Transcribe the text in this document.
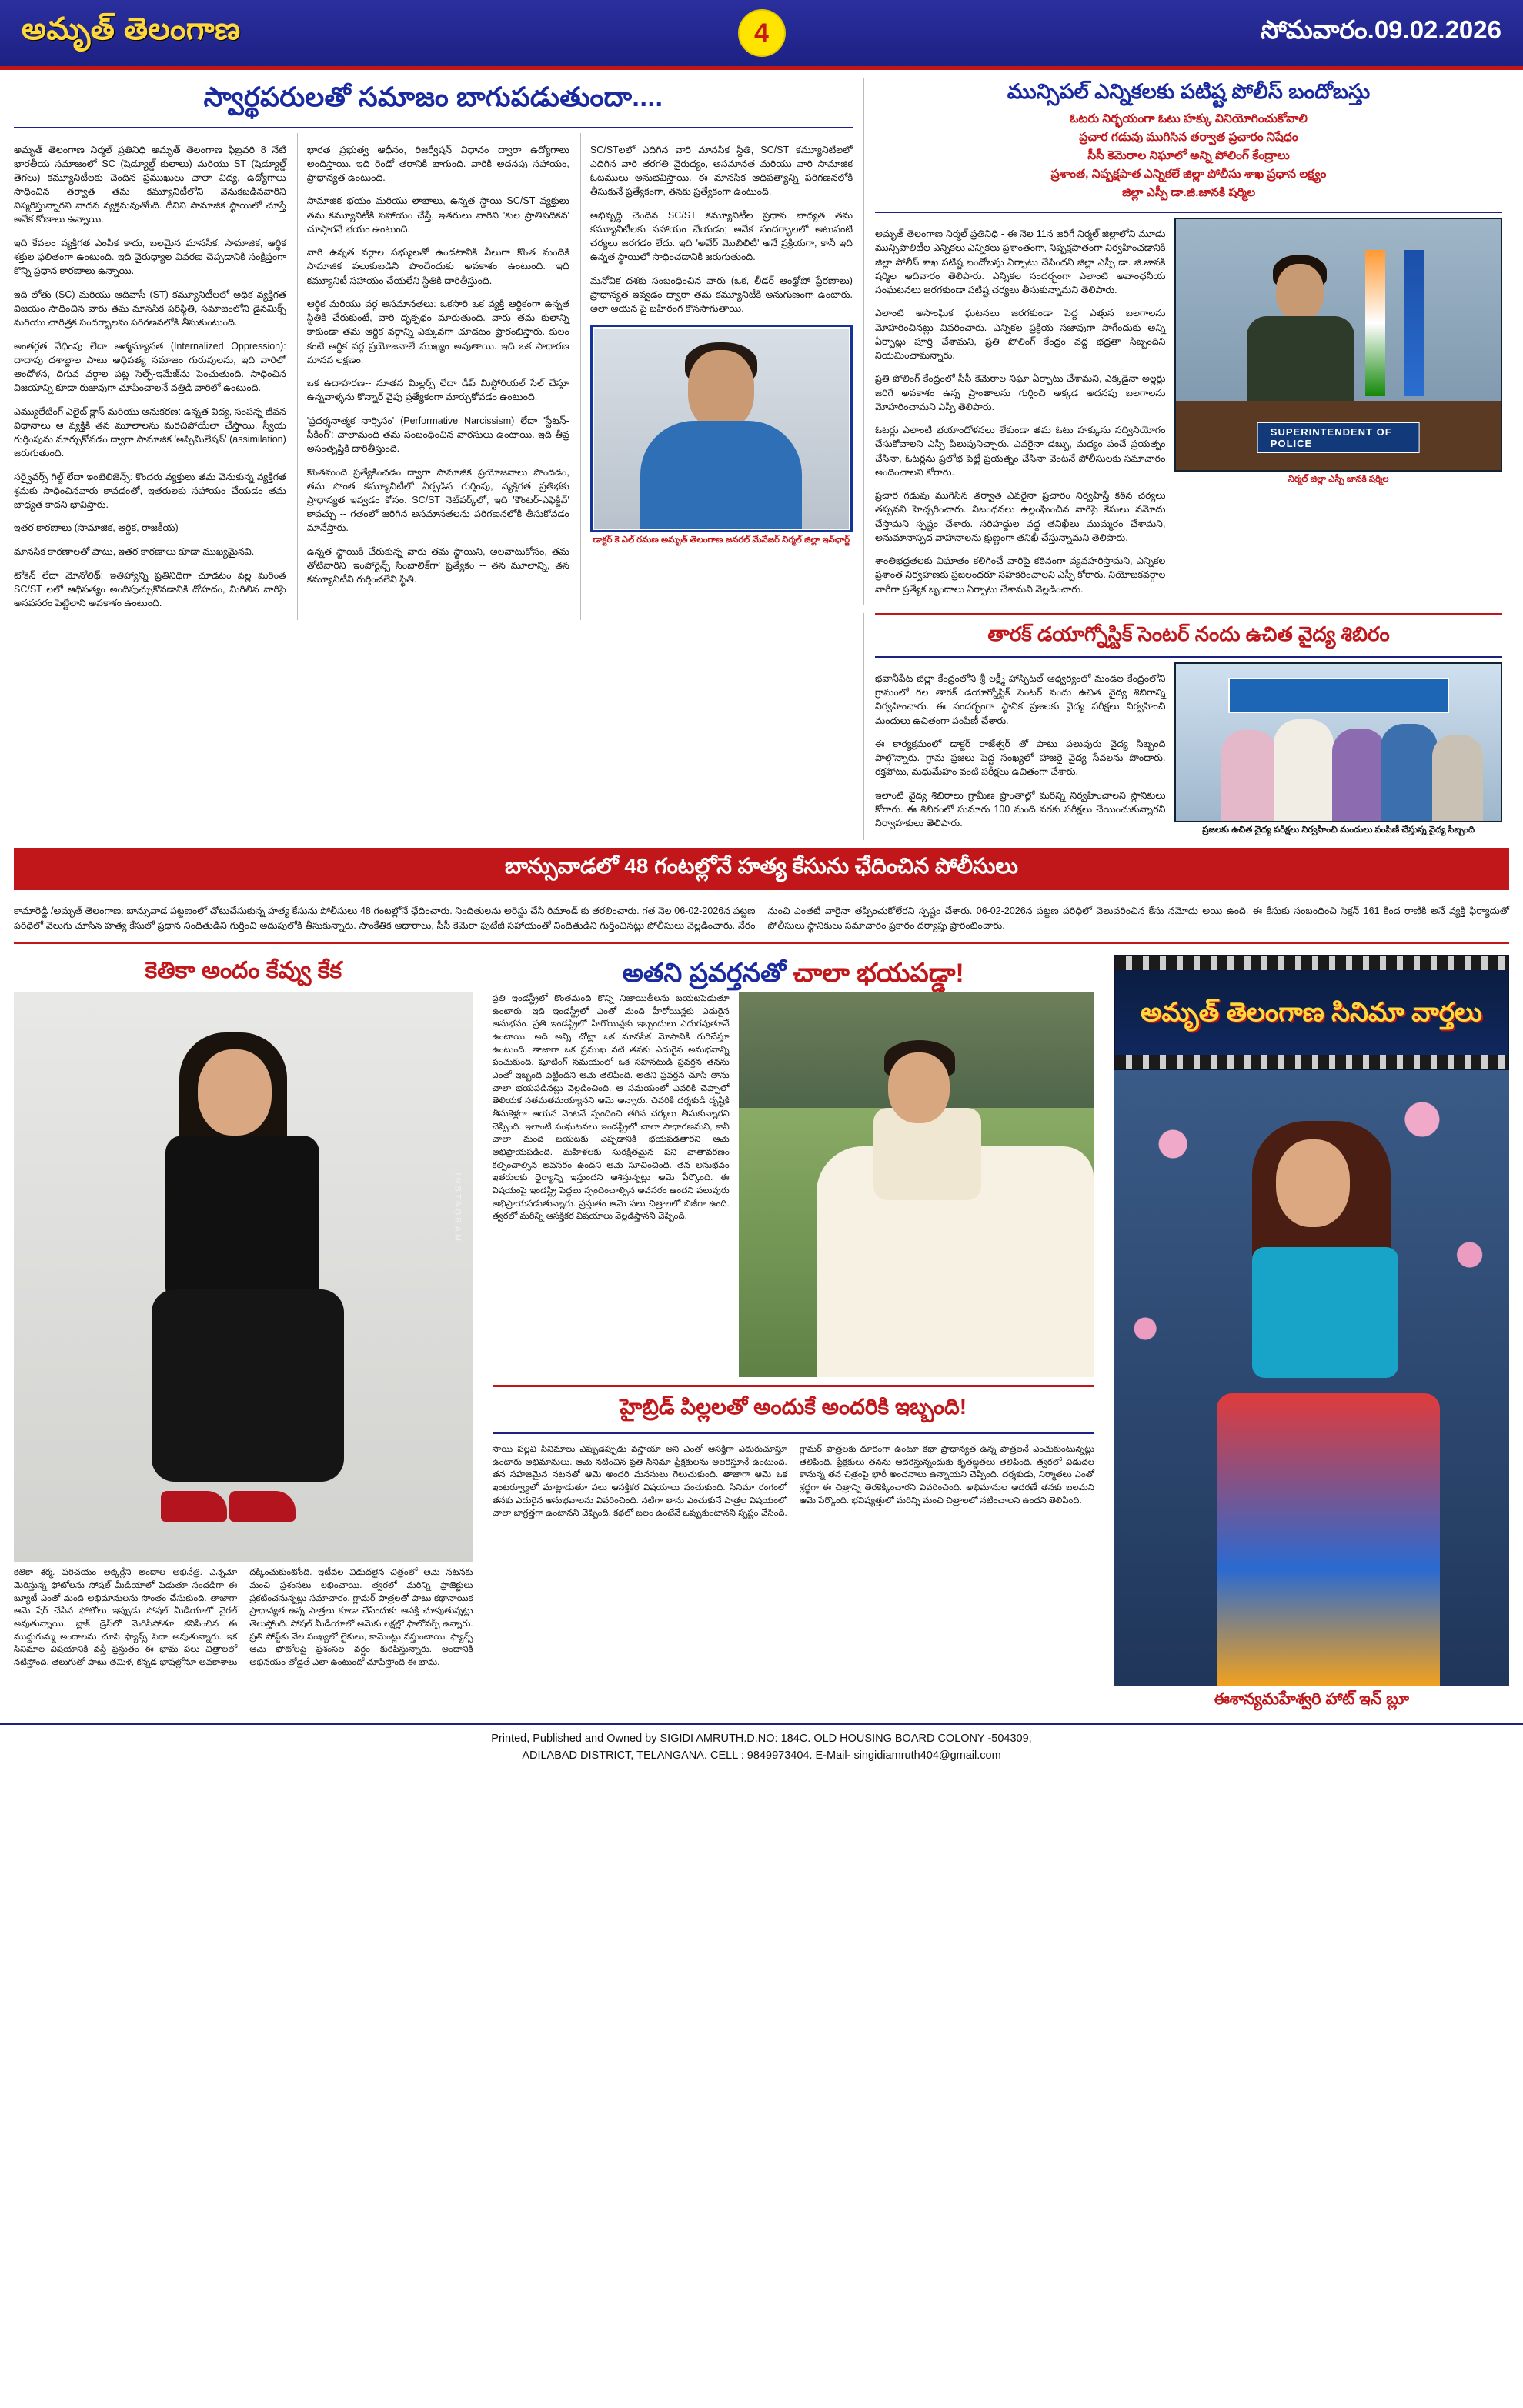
అమృత్ తెలంగాణ	4	సోమవారం.09.02.2026
స్వార్థపరులతో సమాజం బాగుపడుతుందా....

అమృత్ తెలంగాణ నిర్మల్ ప్రతినిధి అమృత్ తెలంగాణ ఫిబ్రవరి 8 నేటి భారతీయ సమాజంలో SC (షెడ్యూల్డ్ కులాలు) మరియు ST (షెడ్యూల్డ్ తెగలు) కమ్యూనిటీలకు చెందిన ప్రముఖులు చాలా విద్య, ఉద్యోగాలు సాధించిన తర్వాత తమ కమ్యూనిటీలోని వెనుకబడినవారిని విస్మరిస్తున్నారని వాదన వ్యక్తమవుతోంది. దీనిని సామాజిక స్థాయిలో చూస్తే అనేక కోణాలు ఉన్నాయి.

ఇది కేవలం వ్యక్తిగత ఎంపిక కాదు, బలమైన మానసిక, సామాజిక, ఆర్థిక శక్తుల ఫలితంగా ఉంటుంది. ఇది వైరుధ్యాల వివరణ చెప్పడానికి సంక్షిప్తంగా కొన్ని ప్రధాన కారణాలు ఉన్నాయి.

ఇది లోతు (SC) మరియు ఆదివాసీ (ST) కమ్యూనిటీలలో అధిక వ్యక్తిగత విజయం సాధించిన వారు తమ మానసిక పరిస్థితి, సమాజంలోని డైనమిక్స్ మరియు చారిత్రక సందర్భాలను పరిగణనలోకి తీసుకుంటుంది.

అంతర్గత వేధింపు లేదా ఆత్మన్యూనత (Internalized Oppression): దాదాపు దశాబ్దాల పాటు ఆధిపత్య సమాజం గురువులను, ఇది వారిలో ఆందోళన, దిగువ వర్గాల పట్ల సెల్ఫ్-ఇమేజ్‌ను పెంచుతుంది. సాధించిన విజయాన్ని కూడా రుజువుగా చూపించాలనే వత్తిడి వారిలో ఉంటుంది.

ఎమ్యులేటింగ్ ఎలైట్ క్లాస్ మరియు అనుకరణ: ఉన్నత విద్య, సంపన్న జీవన విధానాలు ఆ వ్యక్తికి తన మూలాలను మరచిపోయేలా చేస్తాయి. స్వీయ గుర్తింపును మార్చుకోవడం ద్వారా సామాజిక 'అస్సిమిలేషన్‌' (assimilation) జరుగుతుంది.

సర్వైవర్స్ గిల్ట్ లేదా ఇంటెలిజెన్స్: కొందరు వ్యక్తులు తమ వెనుకున్న వ్యక్తిగత శ్రమకు సాధించినవారు కావడంతో, ఇతరులకు సహాయం చేయడం తమ బాధ్యత కాదని భావిస్తారు.

ఇతర కారణాలు (సామాజిక, ఆర్థిక, రాజకీయ)

మానసిక కారణాలతో పాటు, ఇతర కారణాలు కూడా ముఖ్యమైనవి.

టోకెన్ లేదా మోనోలిథ్: ఇతిహ్యాన్ని ప్రతినిధిగా చూడటం వల్ల మరింత SC/ST లలో ఆధిపత్యం అందిపుచ్చుకొనడానికి దోహదం, మిగిలిన వారిపై అనవసరం పెట్టేలాని అవకాశం ఉంటుంది.

భారత ప్రభుత్వ ఆధీనం, రిజర్వేషన్ విధానం ద్వారా ఉద్యోగాలు అందిస్తాయి. ఇది రెండో తరానికి బాగుంది. వారికి అదనపు సహాయం, ప్రాధాన్యత ఉంటుంది.

సామాజిక భయం మరియు లాభాలు, ఉన్నత స్థాయి SC/ST వ్యక్తులు తమ కమ్యూనిటీకి సహాయం చేస్తే, ఇతరులు వారిని 'కుల ప్రాతిపదికన' చూస్తారనే భయం ఉంటుంది.

వారి ఉన్నత వర్గాల సభ్యులతో ఉండటానికి వీలుగా కొంత మందికి సామాజిక పలుకుబడిని పొందేందుకు అవకాశం ఉంటుంది. ఇది కమ్యూనిటీ సహాయం చేయలేని స్థితికి దారితీస్తుంది.

ఆర్థిక మరియు వర్గ అసమానతలు: ఒకసారి ఒక వ్యక్తి ఆర్థికంగా ఉన్నత స్థితికి చేరుకుంటే, వారి దృక్పథం మారుతుంది. వారు తమ కులాన్ని కాకుండా తమ ఆర్థిక వర్గాన్ని ఎక్కువగా చూడటం ప్రారంభిస్తారు. కులం కంటే ఆర్థిక వర్గ ప్రయోజనాలే ముఖ్యం అవుతాయి. ఇది ఒక సాధారణ మానవ లక్షణం.

ఒక ఉదాహరణ-- నూతన మిల్లర్స్ లేదా డీప్ మిస్టోరియల్ సేల్ చేస్తూ ఉన్నవాళ్ళను కొన్నార్ వైపు ప్రత్యేకంగా మార్చుకోవడం ఉంటుంది.

'ప్రదర్శనాత్మక నార్సిసం' (Performative Narcissism) లేదా 'స్టేటస్-సీకింగ్': చాలామంది తమ సంబంధించిన వారసులు ఉంటాయి. ఇది తీవ్ర అసంతృప్తికి దారితీస్తుంది.

కొంతమంది ప్రత్యేకించడం ద్వారా సామాజిక ప్రయోజనాలు పొందడం, తమ సొంత కమ్యూనిటీలో ఏర్పడిన గుర్తింపు, వ్యక్తిగత ప్రతిభకు ప్రాధాన్యత ఇవ్వడం కోసం. SC/ST నెట్‌వర్క్‌లో, ఇది 'కౌంటర్-ఎఫెక్టివ్‌' కావచ్చు -- గతంలో జరిగిన అసమానతలను పరిగణనలోకి తీసుకోవడం మానేస్తారు.

ఉన్నత స్థాయికి చేరుకున్న వారు తమ స్థాయిని, అలవాటుకోసం, తమ తోటివారిని 'ఇంపోర్టెన్స్ సింబాలిక్‌గా' ప్రత్యేకం -- తన మూలాన్ని, తన కమ్యూనిటీని గుర్తించలేని స్థితి.

SC/STలలో ఎదిగిన వారి మానసిక స్థితి, SC/ST కమ్యూనిటీలలో ఎదిగిన వారి తరగతి వైరుధ్యం, అసమానత మరియు వారి సామాజిక ఓటములు అనుభవిస్తాయి. ఈ మానసిక ఆధిపత్యాన్ని పరిగణనలోకి తీసుకునే ప్రత్యేకంగా, తనకు ప్రత్యేకంగా ఉంటుంది.

అభివృద్ధి చెందిన SC/ST కమ్యూనిటీల ప్రధాన బాధ్యత తమ కమ్యూనిటీలకు సహాయం చేయడం; అనేక సందర్భాలలో అటువంటి చర్యలు జరగడం లేదు. ఇది 'అవేర్ మొబిలిటీ' అనే ప్రక్రియగా, కానీ ఇది ఉన్నత స్థాయిలో సాధించడానికి జరుగుతుంది.

మనోవిక దశకు సంబంధించిన వారు (ఒక, లీడర్ ఆంథ్రోపో ప్రేరణాలు) ప్రాధాన్యత ఇవ్వడం ద్వారా తమ కమ్యూనిటీకి అనుగుణంగా ఉంటారు. అలా ఆయన పై బహిరంగ కొనసాగుతాయి.

డాక్టర్ కె ఎల్ రమణ అమృత్ తెలంగాణ జనరల్ మేనేజర్ నిర్మల్ జిల్లా ఇన్‌ఛార్జ్
మున్సిపల్ ఎన్నికలకు పటిష్ట పోలీస్ బందోబస్తు
ఓటరు నిర్భయంగా ఓటు హక్కు వినియోగించుకోవాలి
ప్రచార గడువు ముగిసిన తర్వాత ప్రచారం నిషేధం
సీసీ కెమెరాల నిఘాలో అన్ని పోలింగ్ కేంద్రాలు
ప్రశాంత, నిష్పక్షపాత ఎన్నికలే జిల్లా పోలీసు శాఖ ప్రధాన లక్ష్యం
జిల్లా ఎస్పీ డా.జి.జానకి షర్మిల

అమృత్ తెలంగాణ నిర్మల్ ప్రతినిధి - ఈ నెల 11న జరిగే నిర్మల్ జిల్లాలోని మూడు మున్సిపాలిటీల ఎన్నికలు ఎన్నికలు ప్రశాంతంగా, నిష్పక్షపాతంగా నిర్వహించడానికి జిల్లా పోలీస్ శాఖ పటిష్ట బందోబస్తు ఏర్పాటు చేసిందని జిల్లా ఎస్పీ డా. జి.జానకి షర్మిల ఆదివారం తెలిపారు. ఎన్నికల సందర్భంగా ఎలాంటి అవాంఛనీయ సంఘటనలు జరగకుండా పటిష్ట చర్యలు తీసుకున్నామని తెలిపారు.

ఎలాంటి అసాంఘిక ఘటనలు జరగకుండా పెద్ద ఎత్తున బలగాలను మోహరించినట్లు వివరించారు. ఎన్నికల ప్రక్రియ సజావుగా సాగేందుకు అన్ని ఏర్పాట్లు పూర్తి చేశామని, ప్రతి పోలింగ్ కేంద్రం వద్ద భద్రతా సిబ్బందిని నియమించామన్నారు.

ప్రతి పోలింగ్ కేంద్రంలో సీసీ కెమెరాల నిఘా ఏర్పాటు చేశామని, ఎక్కడైనా అల్లర్లు జరిగే అవకాశం ఉన్న ప్రాంతాలను గుర్తించి అక్కడ అదనపు బలగాలను మోహరించామని ఎస్పీ తెలిపారు.

ఓటర్లు ఎలాంటి భయాందోళనలు లేకుండా తమ ఓటు హక్కును సద్వినియోగం చేసుకోవాలని ఎస్పీ పిలుపునిచ్చారు. ఎవరైనా డబ్బు, మద్యం పంచే ప్రయత్నం చేసినా, ఓటర్లను ప్రలోభ పెట్టే ప్రయత్నం చేసినా వెంటనే పోలీసులకు సమాచారం అందించాలని కోరారు.

ప్రచార గడువు ముగిసిన తర్వాత ఎవరైనా ప్రచారం నిర్వహిస్తే కఠిన చర్యలు తప్పవని హెచ్చరించారు. నిబంధనలు ఉల్లంఘించిన వారిపై కేసులు నమోదు చేస్తామని స్పష్టం చేశారు. సరిహద్దుల వద్ద తనిఖీలు ముమ్మరం చేశామని, అనుమానాస్పద వాహనాలను క్షుణ్ణంగా తనిఖీ చేస్తున్నామని తెలిపారు.

శాంతిభద్రతలకు విఘాతం కలిగించే వారిపై కఠినంగా వ్యవహరిస్తామని, ఎన్నికల ప్రశాంత నిర్వహణకు ప్రజలందరూ సహకరించాలని ఎస్పీ కోరారు. నియోజకవర్గాల వారీగా ప్రత్యేక బృందాలు ఏర్పాటు చేశామని వెల్లడించారు.

SUPERINTENDENT OF POLICE
నిర్మల్ జిల్లా ఎస్పీ జానకి షర్మిల
తారక్ డయాగ్నోస్టిక్ సెంటర్ నందు ఉచిత వైద్య శిబిరం

భవానీపేట జిల్లా కేంద్రంలోని శ్రీ లక్ష్మీ హాస్పిటల్ ఆధ్వర్యంలో మండల కేంద్రంలోని గ్రామంలో గల తారక్ డయాగ్నోస్టిక్ సెంటర్ నందు ఉచిత వైద్య శిబిరాన్ని నిర్వహించారు. ఈ సందర్భంగా స్థానిక ప్రజలకు వైద్య పరీక్షలు నిర్వహించి మందులు ఉచితంగా పంపిణీ చేశారు.

ఈ కార్యక్రమంలో డాక్టర్ రాజేశ్వర్ తో పాటు పలువురు వైద్య సిబ్బంది పాల్గొన్నారు. గ్రామ ప్రజలు పెద్ద సంఖ్యలో హాజరై వైద్య సేవలను పొందారు. రక్తపోటు, మధుమేహం వంటి పరీక్షలు ఉచితంగా చేశారు.

ఇలాంటి వైద్య శిబిరాలు గ్రామీణ ప్రాంతాల్లో మరిన్ని నిర్వహించాలని స్థానికులు కోరారు. ఈ శిబిరంలో సుమారు 100 మంది వరకు పరీక్షలు చేయించుకున్నారని నిర్వాహకులు తెలిపారు.

ప్రజలకు ఉచిత వైద్య పరీక్షలు నిర్వహించి మందులు పంపిణీ చేస్తున్న వైద్య సిబ్బంది
బాన్సువాడలో 48 గంటల్లోనే హత్య కేసును ఛేదించిన పోలీసులు

కామారెడ్డి /అమృత్ తెలంగాణ: బాన్సువాడ పట్టణంలో చోటుచేసుకున్న హత్య కేసును పోలీసులు 48 గంటల్లోనే ఛేదించారు. నిందితులను అరెస్టు చేసి రిమాండ్ కు తరలించారు. గత నెల 06-02-2026న పట్టణ పరిధిలో వెలుగు చూసిన హత్య కేసులో ప్రధాన నిందితుడిని గుర్తించి అదుపులోకి తీసుకున్నారు. సాంకేతిక ఆధారాలు, సీసీ కెమెరా ఫుటేజీ సహాయంతో నిందితుడిని గుర్తించినట్లు పోలీసులు వెల్లడించారు. నేరం నుంచి ఎంతటి వారైనా తప్పించుకోలేరని స్పష్టం చేశారు. 06-02-2026న పట్టణ పరిధిలో వెలువరించిన కేసు నమోదు అయి ఉంది. ఈ కేసుకు సంబంధించి సెక్షన్ 161 కింద రాణికి అనే వ్యక్తి ఫిర్యాదుతో పోలీసులు స్థానికులు సమాచారం ప్రకారం దర్యాప్తు ప్రారంభించారు.

కెతికా అందం కేవ్వు కేక
INSTAGRAM
కెతికా శర్మ. పరిచయం అక్కర్లేని అందాల అభినేత్రి. ఎన్నెమో మెరిస్తున్న ఫోటోలను సోషల్ మీడియాలో పెడుతూ సందడిగా ఈ బ్యూటీ ఎంతో మంది అభిమానులను సొంతం చేసుకుంది. తాజాగా ఆమె షేర్ చేసిన ఫోటోలు ఇప్పుడు సోషల్ మీడియాలో వైరల్ అవుతున్నాయి. బ్లాక్ డ్రెస్‌లో మెరిసిపోతూ కనిపించిన ఈ ముద్దుగుమ్మ అందాలను చూసి ఫ్యాన్స్ ఫిదా అవుతున్నారు. ఇక సినిమాల విషయానికి వస్తే ప్రస్తుతం ఈ భామ పలు చిత్రాలలో నటిస్తోంది. తెలుగుతో పాటు తమిళ, కన్నడ భాషల్లోనూ అవకాశాలు దక్కించుకుంటోంది. ఇటీవల విడుదలైన చిత్రంలో ఆమె నటనకు మంచి ప్రశంసలు లభించాయి. త్వరలో మరిన్ని ప్రాజెక్టులు ప్రకటించనున్నట్లు సమాచారం. గ్లామర్ పాత్రలతో పాటు కథానాయిక ప్రాధాన్యత ఉన్న పాత్రలు కూడా చేసేందుకు ఆసక్తి చూపుతున్నట్లు తెలుస్తోంది. సోషల్ మీడియాలో ఆమెకు లక్షల్లో ఫాలోవర్స్ ఉన్నారు. ప్రతి పోస్ట్‌కు వేల సంఖ్యలో లైకులు, కామెంట్లు వస్తుంటాయి. ఫ్యాన్స్ ఆమె ఫోటోలపై ప్రశంసల వర్షం కురిపిస్తున్నారు. అందానికి అభినయం తోడైతే ఎలా ఉంటుందో చూపిస్తోంది ఈ భామ.
అతని ప్రవర్తనతో చాలా భయపడ్డా!
ప్రతి ఇండస్ట్రీలో కొంతమంది కొన్ని నిజాయితీలను బయటపెడుతూ ఉంటారు. ఇది ఇండస్ట్రీలో ఎంతో మంది హీరోయిన్లకు ఎదురైన అనుభవం. ప్రతి ఇండస్ట్రీలో హీరోయిన్లకు ఇబ్బందులు ఎదురవుతూనే ఉంటాయి. అది అన్ని చోట్లా ఒక మానసిక మోసానికి గురిచేస్తూ ఉంటుంది. తాజాగా ఒక ప్రముఖ నటి తనకు ఎదురైన అనుభవాన్ని పంచుకుంది. షూటింగ్ సమయంలో ఒక సహనటుడి ప్రవర్తన తనను ఎంతో ఇబ్బంది పెట్టిందని ఆమె తెలిపింది. అతని ప్రవర్తన చూసి తాను చాలా భయపడినట్లు వెల్లడించింది. ఆ సమయంలో ఎవరికి చెప్పాలో తెలియక సతమతమయ్యానని ఆమె అన్నారు. చివరికి దర్శకుడి దృష్టికి తీసుకెళ్లగా ఆయన వెంటనే స్పందించి తగిన చర్యలు తీసుకున్నారని చెప్పింది. ఇలాంటి సంఘటనలు ఇండస్ట్రీలో చాలా సాధారణమని, కానీ చాలా మంది బయటకు చెప్పడానికి భయపడతారని ఆమె అభిప్రాయపడింది. మహిళలకు సురక్షితమైన పని వాతావరణం కల్పించాల్సిన అవసరం ఉందని ఆమె సూచించింది. తన అనుభవం ఇతరులకు ధైర్యాన్ని ఇస్తుందని ఆశిస్తున్నట్లు ఆమె పేర్కొంది. ఈ విషయంపై ఇండస్ట్రీ పెద్దలు స్పందించాల్సిన అవసరం ఉందని పలువురు అభిప్రాయపడుతున్నారు. ప్రస్తుతం ఆమె పలు చిత్రాలలో బిజీగా ఉంది. త్వరలో మరిన్ని ఆసక్తికర విషయాలు వెల్లడిస్తానని చెప్పింది.
హైబ్రిడ్ పిల్లలతో అందుకే అందరికి ఇబ్బంది!
సాయి పల్లవి సినిమాలు ఎప్పుడెప్పుడు వస్తాయా అని ఎంతో ఆసక్తిగా ఎదురుచూస్తూ ఉంటారు అభిమానులు. ఆమె నటించిన ప్రతి సినిమా ప్రేక్షకులను అలరిస్తూనే ఉంటుంది. తన సహజమైన నటనతో ఆమె అందరి మనసులు గెలుచుకుంది. తాజాగా ఆమె ఒక ఇంటర్వ్యూలో మాట్లాడుతూ పలు ఆసక్తికర విషయాలు పంచుకుంది. సినిమా రంగంలో తనకు ఎదురైన అనుభవాలను వివరించింది. నటిగా తాను ఎంచుకునే పాత్రల విషయంలో చాలా జాగ్రత్తగా ఉంటానని చెప్పింది. కథలో బలం ఉంటేనే ఒప్పుకుంటానని స్పష్టం చేసింది. గ్లామర్ పాత్రలకు దూరంగా ఉంటూ కథా ప్రాధాన్యత ఉన్న పాత్రలనే ఎంచుకుంటున్నట్లు తెలిపింది. ప్రేక్షకులు తనను ఆదరిస్తున్నందుకు కృతజ్ఞతలు తెలిపింది. త్వరలో విడుదల కానున్న తన చిత్రంపై భారీ అంచనాలు ఉన్నాయని చెప్పింది. దర్శకుడు, నిర్మాతలు ఎంతో శ్రద్ధగా ఈ చిత్రాన్ని తెరకెక్కించారని వివరించింది. అభిమానుల ఆదరణే తనకు బలమని ఆమె పేర్కొంది. భవిష్యత్తులో మరిన్ని మంచి చిత్రాలలో నటించాలని ఉందని తెలిపింది.
అమృత్ తెలంగాణ సినిమా వార్తలు
ఈశాన్యమహేశ్వరి హాట్ ఇన్ బ్లూ
Printed, Published and Owned by SIGIDI AMRUTH.D.NO: 184C. OLD HOUSING BOARD COLONY -504309,
ADILABAD DISTRICT, TELANGANA. CELL : 9849973404. E-Mail- singidiamruth404@gmail.com
